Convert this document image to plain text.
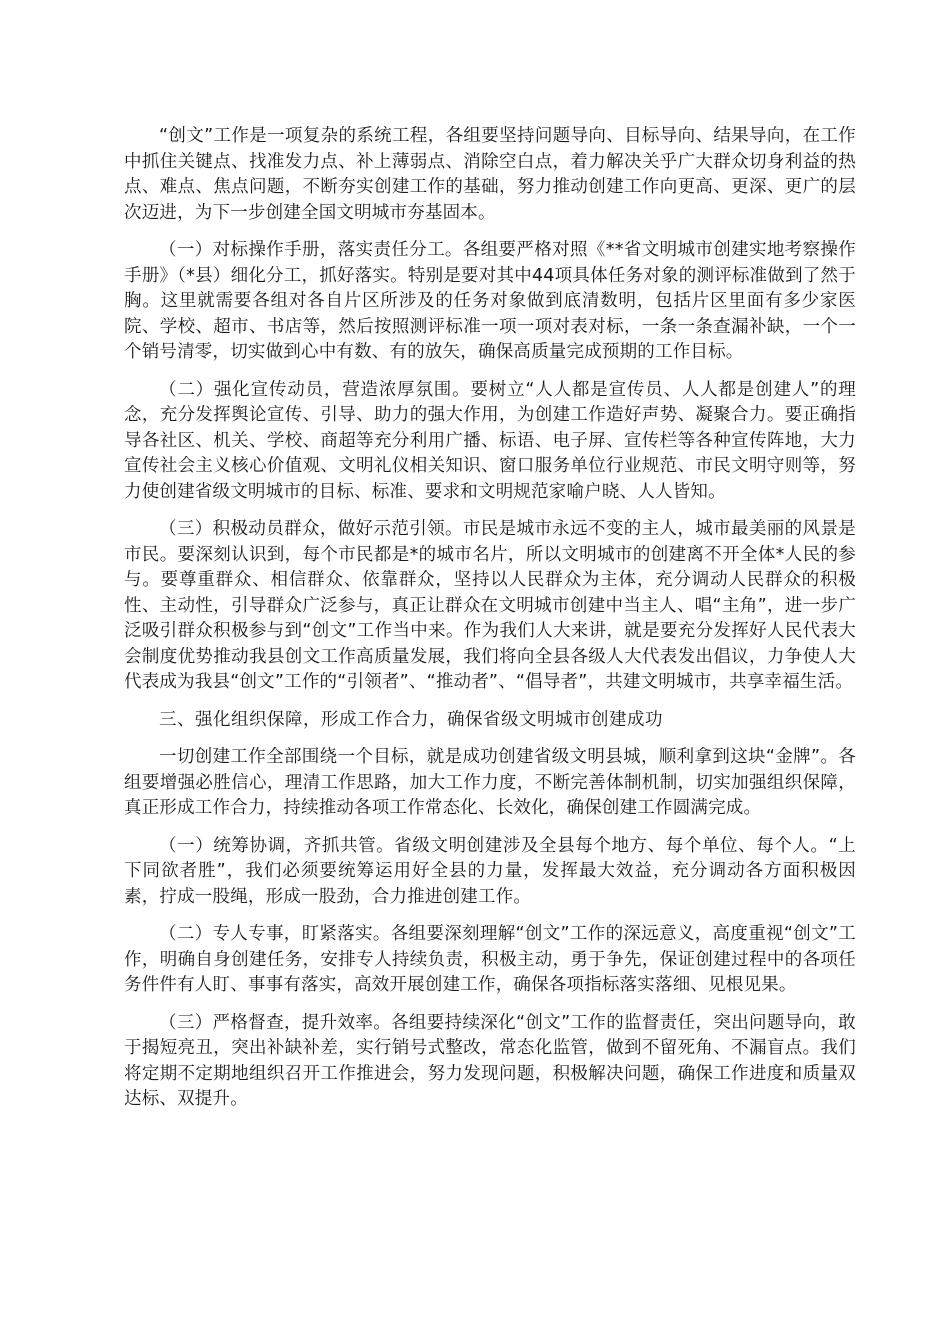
“创文”工作是一项复杂的系统工程，各组要坚持问题导向、目标导向、结果导向，在工作中抓住关键点、找准发力点、补上薄弱点、消除空白点，着力解决关乎广大群众切身利益的热点、难点、焦点问题，不断夯实创建工作的基础，努力推动创建工作向更高、更深、更广的层次迈进，为下一步创建全国文明城市夯基固本。

（一）对标操作手册，落实责任分工。各组要严格对照《**省文明城市创建实地考察操作手册》（*县）细化分工，抓好落实。特别是要对其中44项具体任务对象的测评标准做到了然于胸。这里就需要各组对各自片区所涉及的任务对象做到底清数明，包括片区里面有多少家医院、学校、超市、书店等，然后按照测评标准一项一项对表对标，一条一条查漏补缺，一个一个销号清零，切实做到心中有数、有的放矢，确保高质量完成预期的工作目标。

（二）强化宣传动员，营造浓厚氛围。要树立“人人都是宣传员、人人都是创建人”的理念，充分发挥舆论宣传、引导、助力的强大作用，为创建工作造好声势、凝聚合力。要正确指导各社区、机关、学校、商超等充分利用广播、标语、电子屏、宣传栏等各种宣传阵地，大力宣传社会主义核心价值观、文明礼仪相关知识、窗口服务单位行业规范、市民文明守则等，努力使创建省级文明城市的目标、标准、要求和文明规范家喻户晓、人人皆知。

（三）积极动员群众，做好示范引领。市民是城市永远不变的主人，城市最美丽的风景是市民。要深刻认识到，每个市民都是*的城市名片，所以文明城市的创建离不开全体*人民的参与。要尊重群众、相信群众、依靠群众，坚持以人民群众为主体，充分调动人民群众的积极性、主动性，引导群众广泛参与，真正让群众在文明城市创建中当主人、唱“主角”，进一步广泛吸引群众积极参与到“创文”工作当中来。作为我们人大来讲，就是要充分发挥好人民代表大会制度优势推动我县创文工作高质量发展，我们将向全县各级人大代表发出倡议，力争使人大代表成为我县“创文”工作的“引领者”、“推动者”、“倡导者”，共建文明城市，共享幸福生活。

三、强化组织保障，形成工作合力，确保省级文明城市创建成功

一切创建工作全部围绕一个目标，就是成功创建省级文明县城，顺利拿到这块“金牌”。各组要增强必胜信心，理清工作思路，加大工作力度，不断完善体制机制，切实加强组织保障，真正形成工作合力，持续推动各项工作常态化、长效化，确保创建工作圆满完成。

（一）统筹协调，齐抓共管。省级文明创建涉及全县每个地方、每个单位、每个人。“上下同欲者胜”，我们必须要统筹运用好全县的力量，发挥最大效益，充分调动各方面积极因素，拧成一股绳，形成一股劲，合力推进创建工作。

（二）专人专事，盯紧落实。各组要深刻理解“创文”工作的深远意义，高度重视“创文”工作，明确自身创建任务，安排专人持续负责，积极主动，勇于争先，保证创建过程中的各项任务件件有人盯、事事有落实，高效开展创建工作，确保各项指标落实落细、见根见果。

（三）严格督查，提升效率。各组要持续深化“创文”工作的监督责任，突出问题导向，敢于揭短亮丑，突出补缺补差，实行销号式整改，常态化监管，做到不留死角、不漏盲点。我们将定期不定期地组织召开工作推进会，努力发现问题，积极解决问题，确保工作进度和质量双达标、双提升。
